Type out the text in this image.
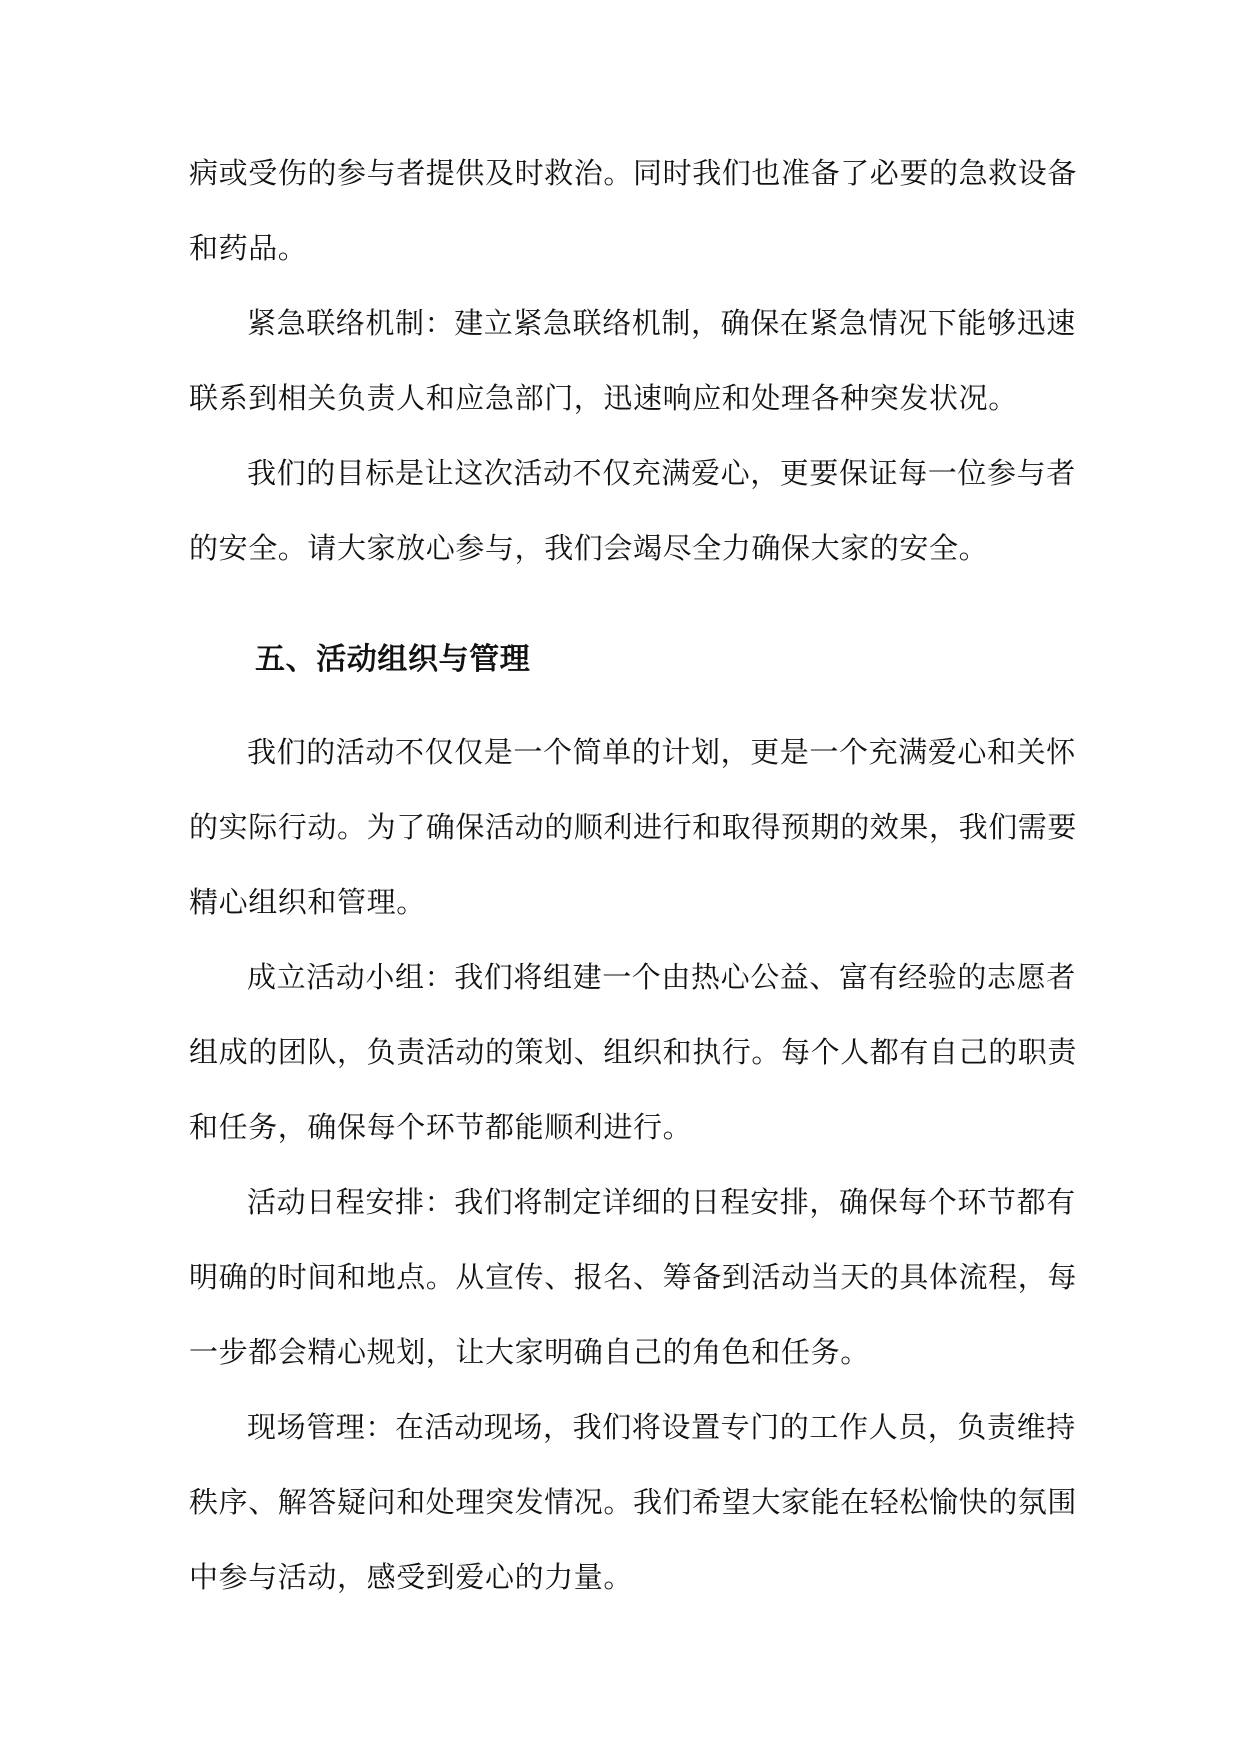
病或受伤的参与者提供及时救治。同时我们也准备了必要的急救设备
和药品。
紧急联络机制：建立紧急联络机制，确保在紧急情况下能够迅速
联系到相关负责人和应急部门，迅速响应和处理各种突发状况。
我们的目标是让这次活动不仅充满爱心，更要保证每一位参与者
的安全。请大家放心参与，我们会竭尽全力确保大家的安全。
五、活动组织与管理
我们的活动不仅仅是一个简单的计划，更是一个充满爱心和关怀
的实际行动。为了确保活动的顺利进行和取得预期的效果，我们需要
精心组织和管理。
成立活动小组：我们将组建一个由热心公益、富有经验的志愿者
组成的团队，负责活动的策划、组织和执行。每个人都有自己的职责
和任务，确保每个环节都能顺利进行。
活动日程安排：我们将制定详细的日程安排，确保每个环节都有
明确的时间和地点。从宣传、报名、筹备到活动当天的具体流程，每
一步都会精心规划，让大家明确自己的角色和任务。
现场管理：在活动现场，我们将设置专门的工作人员，负责维持
秩序、解答疑问和处理突发情况。我们希望大家能在轻松愉快的氛围
中参与活动，感受到爱心的力量。
